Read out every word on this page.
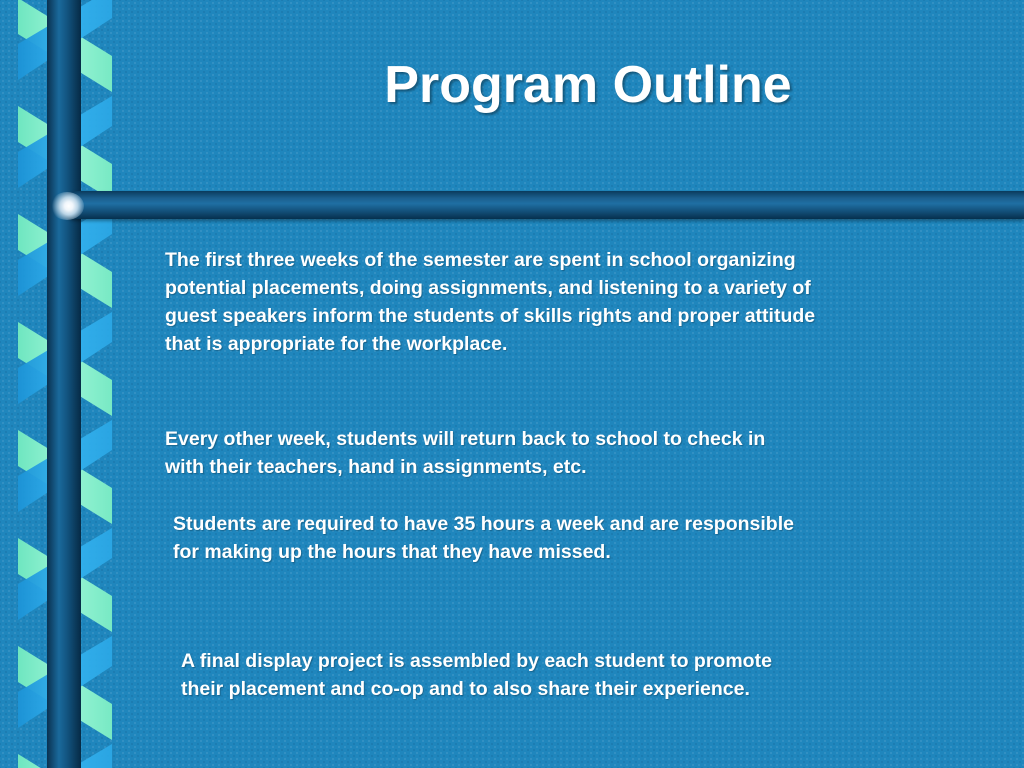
Program Outline

The first three weeks of the semester are spent in school organizing
potential placements, doing assignments, and listening to a variety of
guest speakers inform the students of skills rights and proper attitude
that is appropriate for the workplace.

Every other week, students will return back to school to check in
with their teachers, hand in assignments, etc.

Students are required to have 35 hours a week and are responsible
for making up the hours that they have missed.

A final display project is assembled by each student to promote
their placement and co-op and to also share their experience.
